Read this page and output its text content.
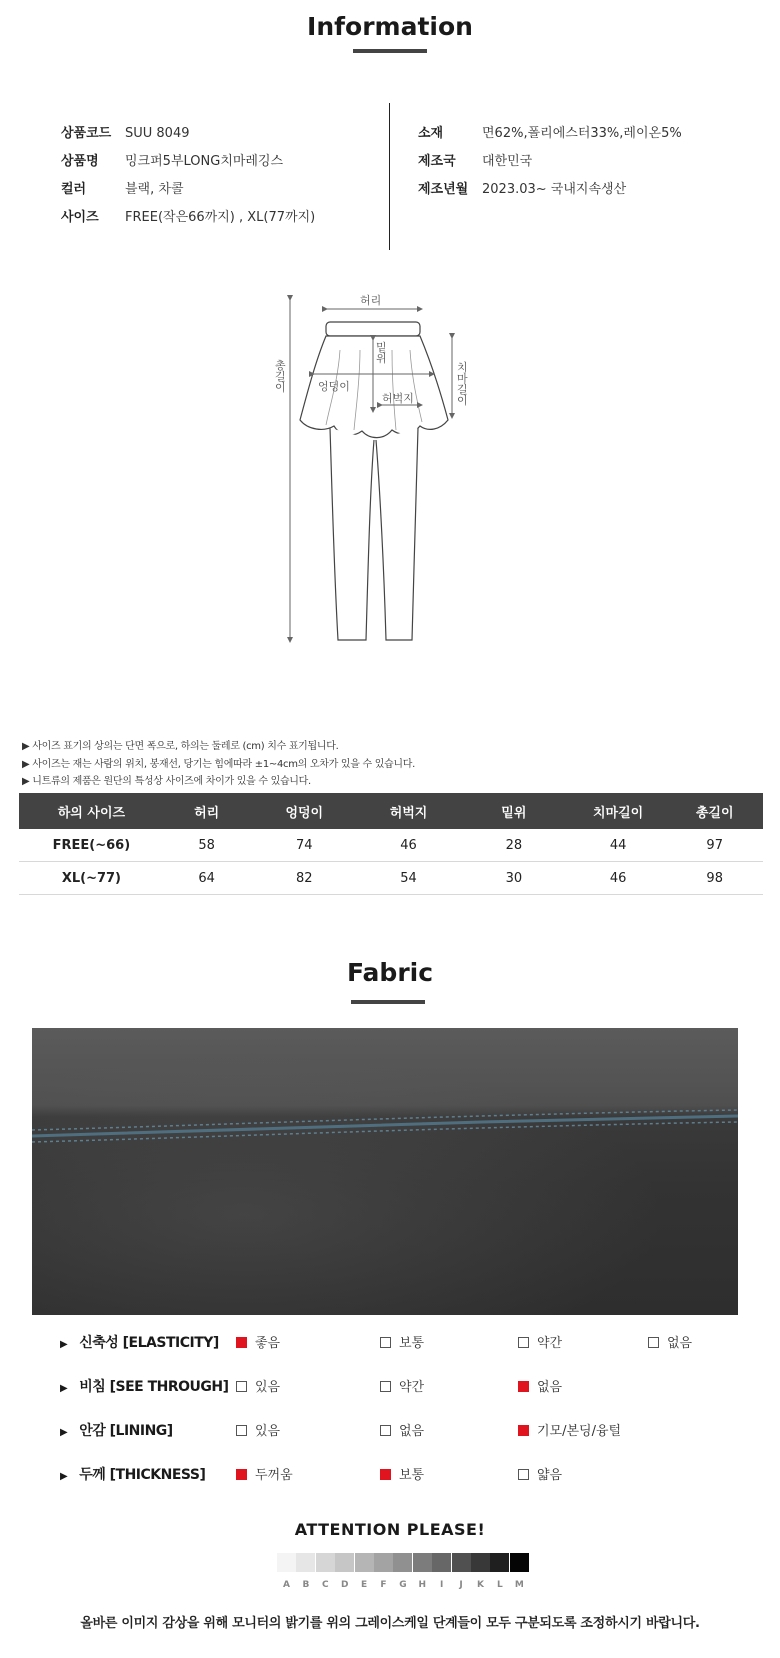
Information
상품코드 SUU 8049
상품명 밍크퍼5부LONG치마레깅스
컬러	블랙, 차콜
사이즈 FREE(작은66까지) , XL(77까지)
소재	면62%,폴리에스터33%,레이온5%
제조국 대한민국
제조년월 2023.03~ 국내지속생산
허리
총길이
밑위
엉덩이
허벅지
치마길이
▶ 사이즈 표기의 상의는 단면 폭으로, 하의는 둘레로 (cm) 치수 표기됩니다.
▶ 사이즈는 재는 사람의 위치, 봉재선, 당기는 힘에따라 ±1~4cm의 오차가 있을 수 있습니다.
▶ 니트류의 제품은 원단의 특성상 사이즈에 차이가 있을 수 있습니다.
하의 사이즈	허리	엉덩이	허벅지	밑위	치마길이	총길이
FREE(~66)	58	74	46	28	44	97
XL(~77)	64	82	54	30	46	98
Fabric
▶ 신축성 [ELASTICITY]	좋음	보통	약간	없음
▶ 비침 [SEE THROUGH]	있음	약간	없음
▶ 안감 [LINING]	있음	없음	기모/본딩/융털
▶ 두께 [THICKNESS]	두꺼움	보통	얇음
ATTENTION PLEASE!
A	B	C	D	E	F	G	H	I	J	K	L	M
올바른 이미지 감상을 위해 모니터의 밝기를 위의 그레이스케일 단계들이 모두 구분되도록 조정하시기 바랍니다.
